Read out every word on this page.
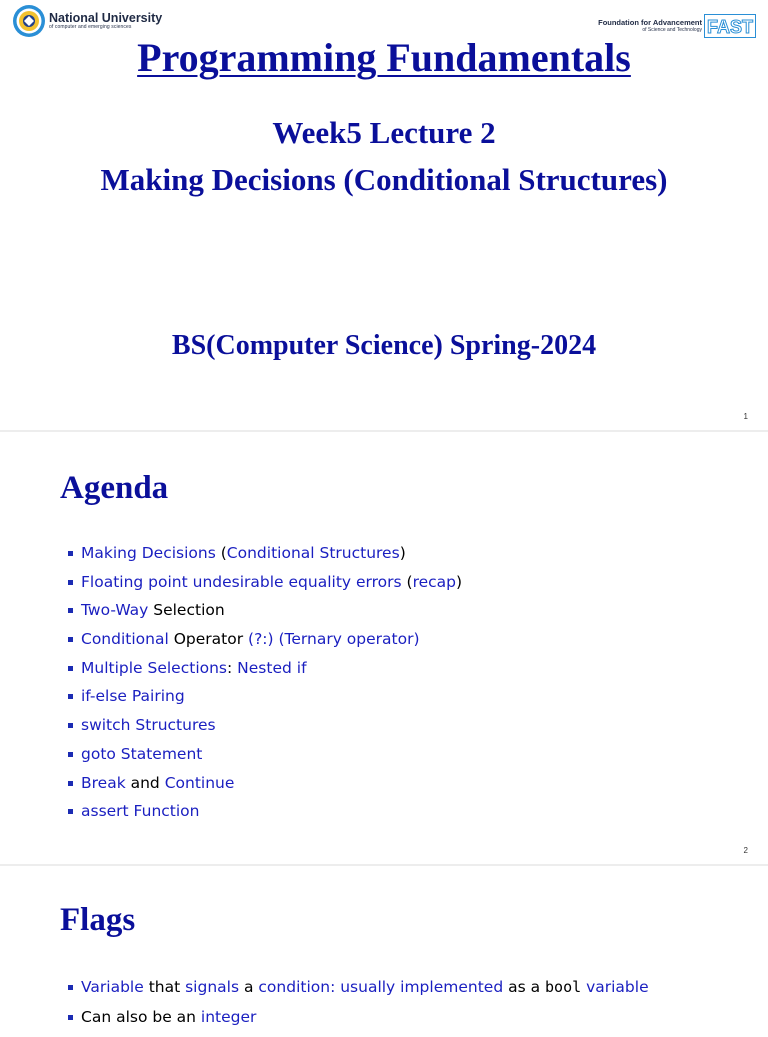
National University
of computer and emerging sciences	Foundation for Advancement
of Science and Technology FAST
Programming Fundamentals
Week5 Lecture 2
Making Decisions (Conditional Structures)
BS(Computer Science) Spring-2024
1
Agenda
Making Decisions (Conditional Structures)
Floating point undesirable equality errors (recap)
Two-Way Selection
Conditional Operator (?:) (Ternary operator)
Multiple Selections: Nested if
if-else Pairing
switch Structures
goto Statement
Break and Continue
assert Function
2
Flags
Variable that signals a condition: usually implemented as a bool variable
Can also be an integer
